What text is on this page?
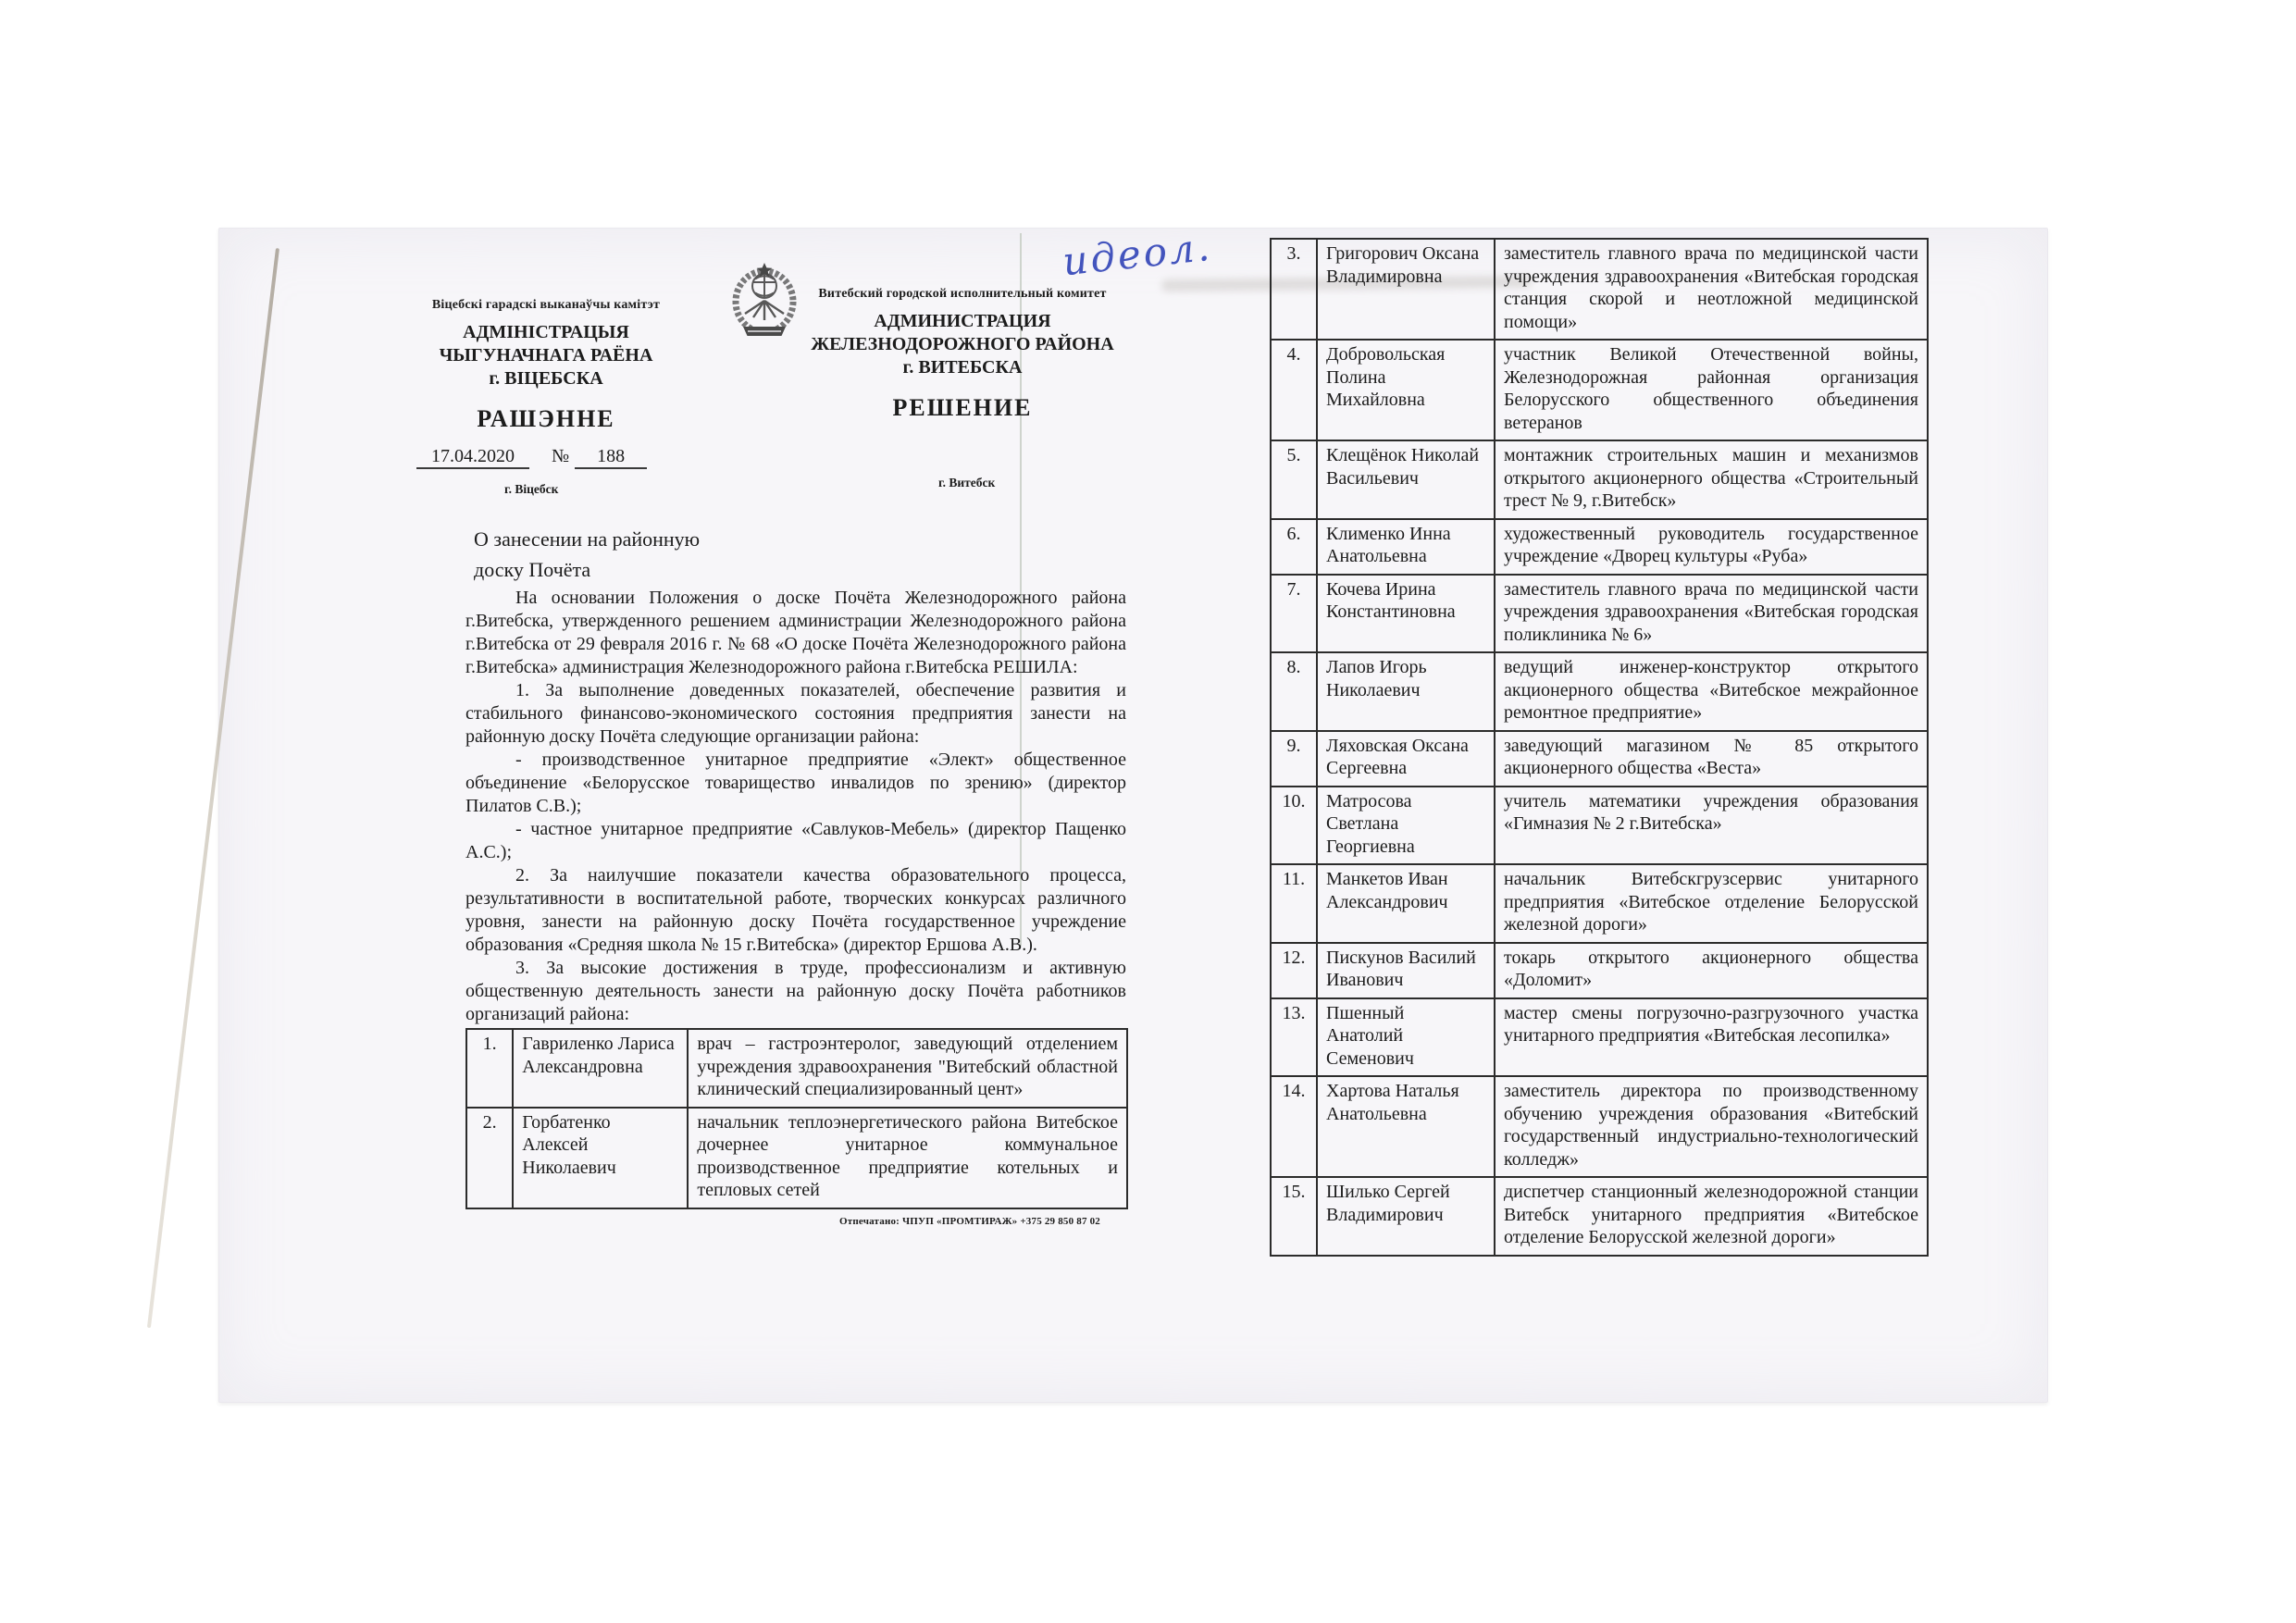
идеол.
Віцебскі гарадскі выканаўчы камітэт
АДМІНІСТРАЦЫЯ
ЧЫГУНАЧНАГА РАЁНА
г. ВІЦЕБСКА
РАШЭННЕ
Витебский городской исполнительный комитет
АДМИНИСТРАЦИЯ
ЖЕЛЕЗНОДОРОЖНОГО РАЙОНА
г. ВИТЕБСКА
РЕШЕНИЕ
17.04.2020 № 188
г. Віцебск	г. Витебск
О занесении на районную
доску Почёта

На основании Положения о доске Почёта Железнодорожного района г.Витебска, утвержденного решением администрации Железнодорожного района г.Витебска от 29 февраля 2016 г. № 68 «О доске Почёта Железнодорожного района г.Витебска» администрация Железнодорожного района г.Витебска РЕШИЛА:

1. За выполнение доведенных показателей, обеспечение развития и стабильного финансово-экономического состояния предприятия занести на районную доску Почёта следующие организации района:

- производственное унитарное предприятие «Элект» общественное объединение «Белорусское товарищество инвалидов по зрению» (директор Пилатов С.В.);

- частное унитарное предприятие «Савлуков-Мебель» (директор Пащенко А.С.);

2. За наилучшие показатели качества образовательного процесса, результативности в воспитательной работе, творческих конкурсах различного уровня, занести на районную доску Почёта государственное учреждение образования «Средняя школа № 15 г.Витебска» (директор Ершова А.В.).

3. За высокие достижения в труде, профессионализм и активную общественную деятельность занести на районную доску Почёта работников организаций района:

1.	Гавриленко Лариса Александровна	врач – гастроэнтеролог, заведующий отделением учреждения здравоохранения "Витебский областной клинический специализированный цент»
2.	Горбатенко Алексей Николаевич	начальник теплоэнергетического района Витебское дочернее унитарное коммунальное производственное предприятие котельных и тепловых сетей
Отпечатано: ЧПУП «ПРОМТИРАЖ» +375 29 850 87 02
3.	Григорович Оксана Владимировна	заместитель главного врача по медицинской части учреждения здравоохранения «Витебская городская станция скорой и неотложной медицинской помощи»
4.	Добровольская Полина Михайловна	участник Великой Отечественной войны, Железнодорожная районная организация Белорусского общественного объединения ветеранов
5.	Клещёнок Николай Васильевич	монтажник строительных машин и механизмов открытого акционерного общества «Строительный трест № 9, г.Витебск»
6.	Клименко Инна Анатольевна	художественный руководитель государственное учреждение «Дворец культуры «Руба»
7.	Кочева Ирина Константиновна	заместитель главного врача по медицинской части учреждения здравоохранения «Витебская городская поликлиника № 6»
8.	Лапов Игорь Николаевич	ведущий инженер-конструктор открытого акционерного общества «Витебское межрайонное ремонтное предприятие»
9.	Ляховская Оксана Сергеевна	заведующий магазином № 85 открытого акционерного общества «Веста»
10.	Матросова Светлана Георгиевна	учитель математики учреждения образования «Гимназия № 2 г.Витебска»
11.	Манкетов Иван Александрович	начальник Витебскгрузсервис унитарного предприятия «Витебское отделение Белорусской железной дороги»
12.	Пискунов Василий Иванович	токарь открытого акционерного общества «Доломит»
13.	Пшенный Анатолий Семенович	мастер смены погрузочно-разгрузочного участка унитарного предприятия «Витебская лесопилка»
14.	Хартова Наталья Анатольевна	заместитель директора по производственному обучению учреждения образования «Витебский государственный индустриально-технологический колледж»
15.	Шилько Сергей Владимирович	диспетчер станционный железнодорожной станции Витебск унитарного предприятия «Витебское отделение Белорусской железной дороги»
